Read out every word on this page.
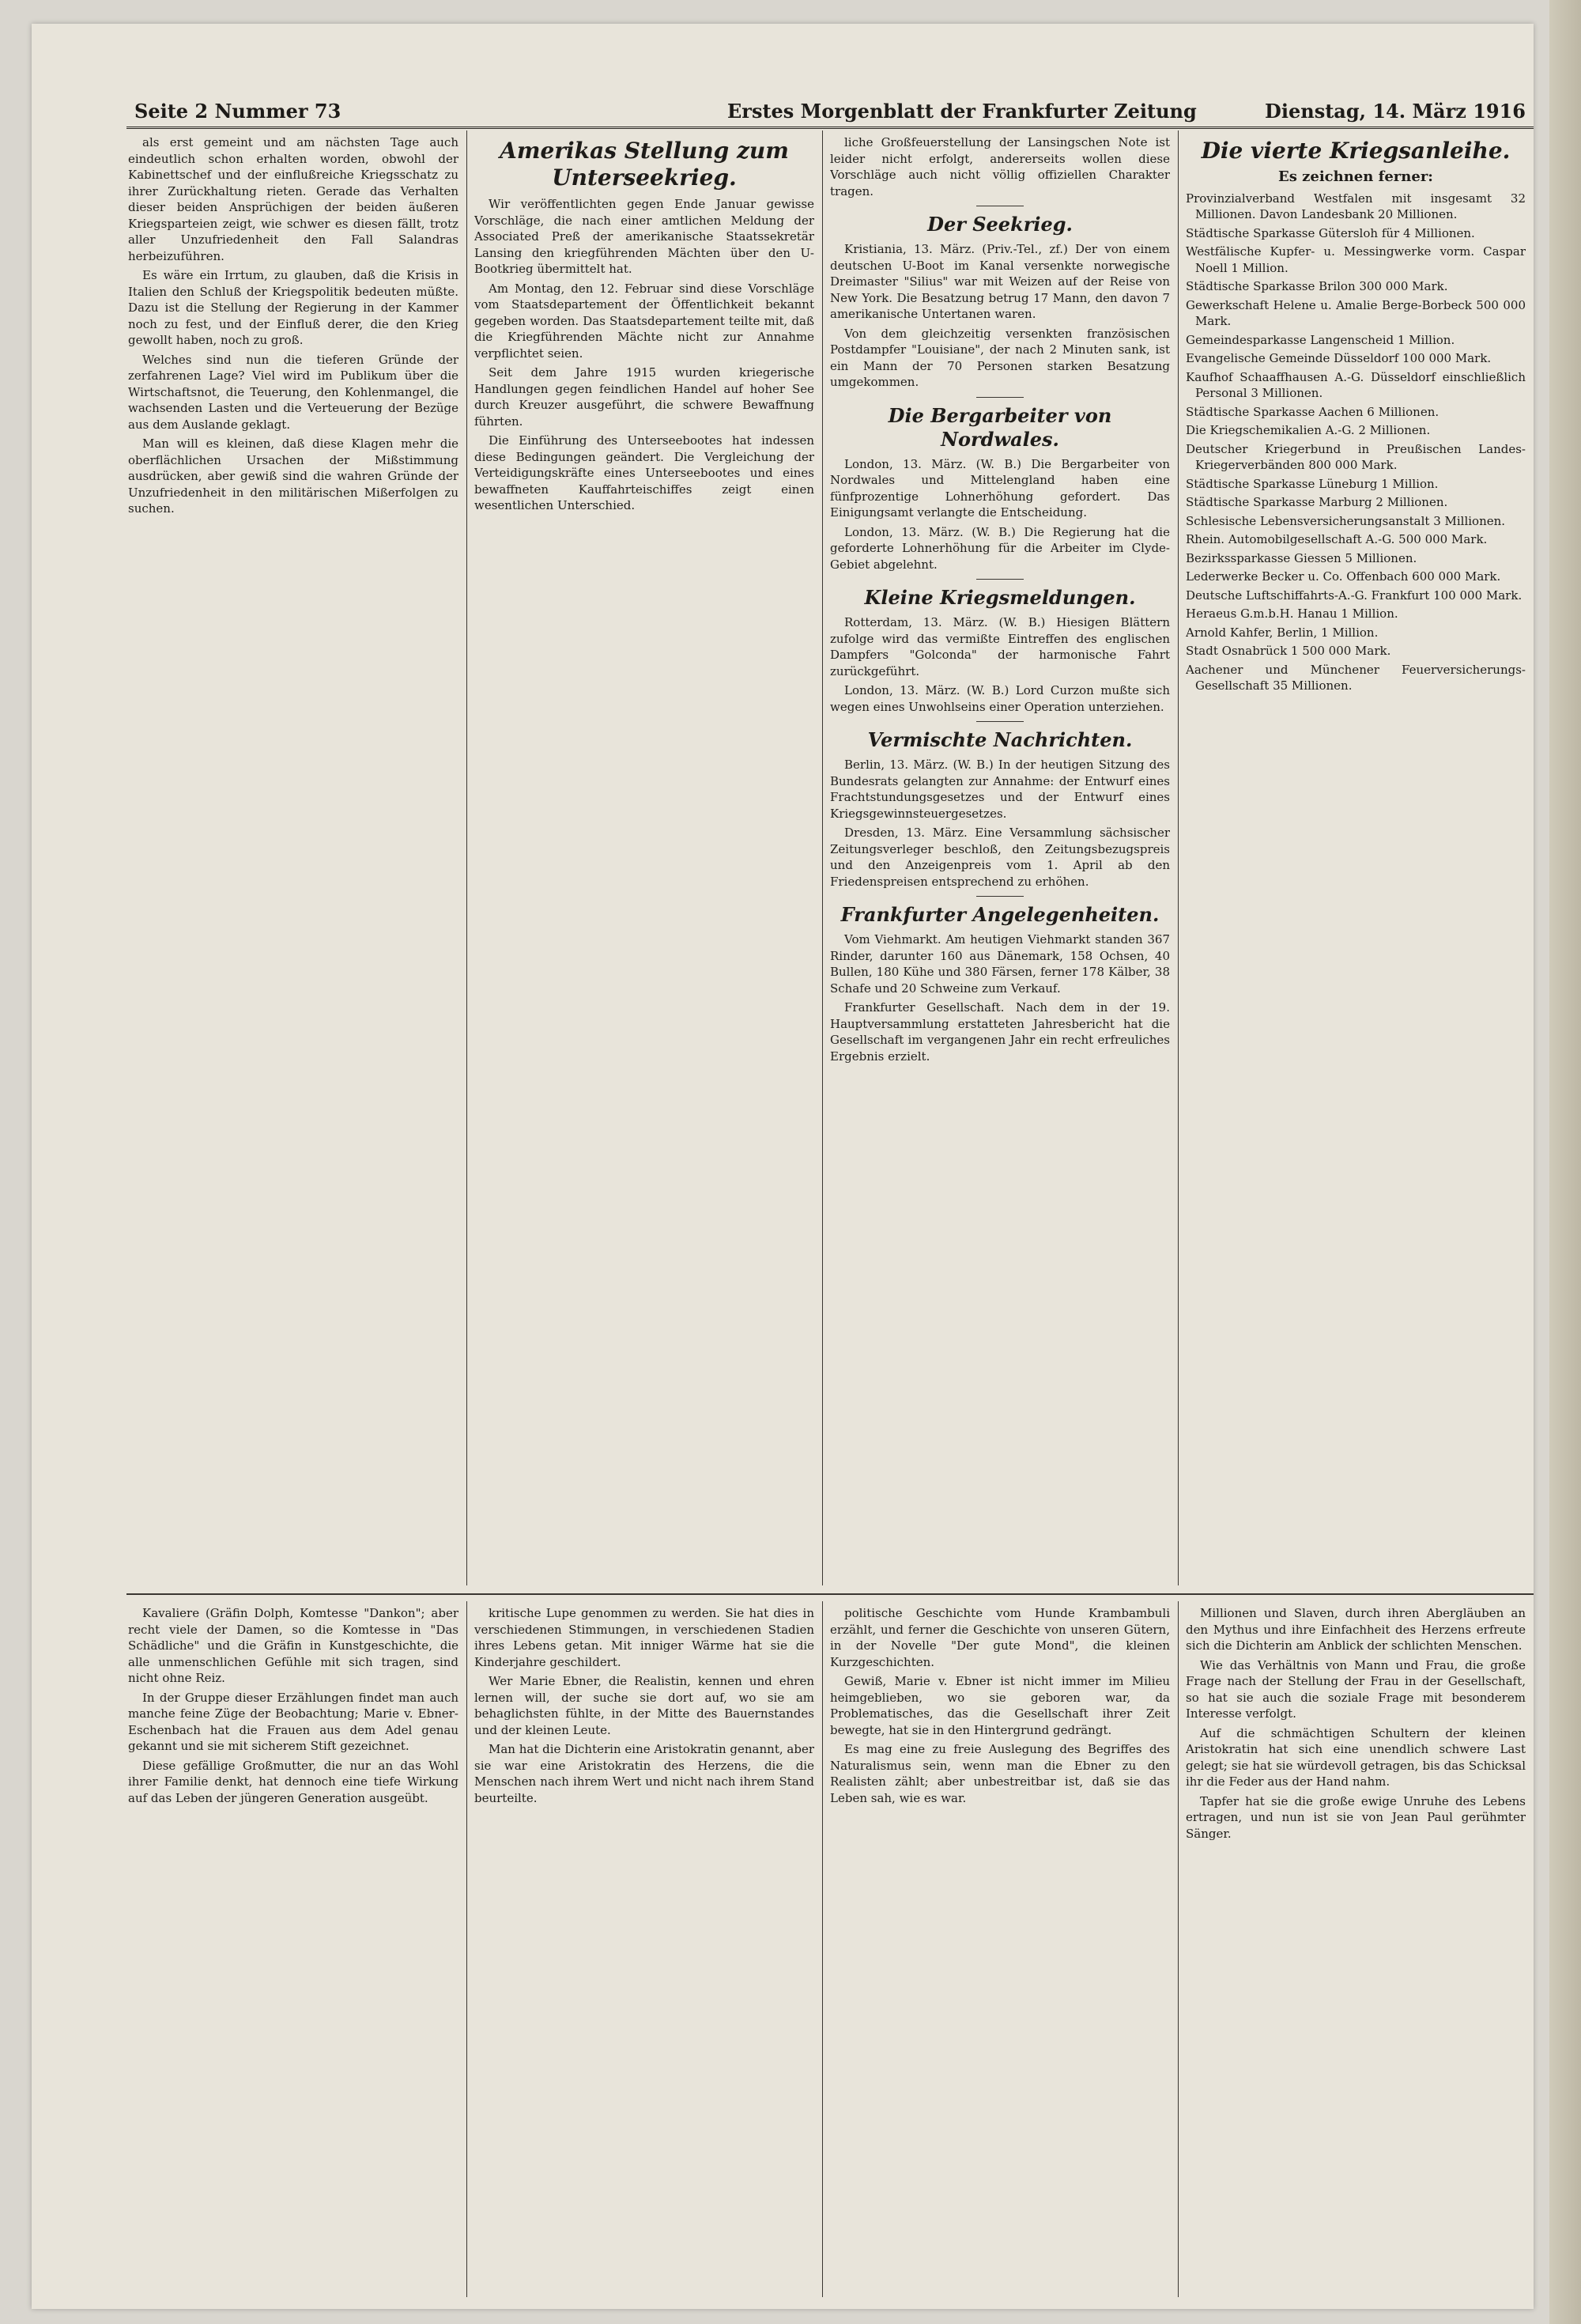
Seite 2 Nummer 73	Erstes Morgenblatt der Frankfurter Zeitung	Dienstag, 14. März 1916

als erst gemeint und am nächsten Tage auch eindeutlich schon erhalten worden, obwohl der Kabinettschef und der einflußreiche Kriegsschatz zu ihrer Zurückhaltung rieten. Gerade das Verhalten dieser beiden Ansprüchigen der beiden äußeren Kriegsparteien zeigt, wie schwer es diesen fällt, trotz aller Unzufriedenheit den Fall Salandras herbeizuführen.

Es wäre ein Irrtum, zu glauben, daß die Krisis in Italien den Schluß der Kriegspolitik bedeuten müßte. Dazu ist die Stellung der Regierung in der Kammer noch zu fest, und der Einfluß derer, die den Krieg gewollt haben, noch zu groß.

Welches sind nun die tieferen Gründe der zerfahrenen Lage? Viel wird im Publikum über die Wirtschaftsnot, die Teuerung, den Kohlenmangel, die wachsenden Lasten und die Verteuerung der Bezüge aus dem Auslande geklagt.

Man will es kleinen, daß diese Klagen mehr die oberflächlichen Ursachen der Mißstimmung ausdrücken, aber gewiß sind die wahren Gründe der Unzufriedenheit in den militärischen Mißerfolgen zu suchen.

Amerikas Stellung zum Unterseekrieg.

Wir veröffentlichten gegen Ende Januar gewisse Vorschläge, die nach einer amtlichen Meldung der Associated Preß der amerikanische Staatssekretär Lansing den kriegführenden Mächten über den U-Bootkrieg übermittelt hat.

Am Montag, den 12. Februar sind diese Vorschläge vom Staatsdepartement der Öffentlichkeit bekannt gegeben worden. Das Staatsdepartement teilte mit, daß die Kriegführenden Mächte nicht zur Annahme verpflichtet seien.

Seit dem Jahre 1915 wurden kriegerische Handlungen gegen feindlichen Handel auf hoher See durch Kreuzer ausgeführt, die schwere Bewaffnung führten.

Die Einführung des Unterseebootes hat indessen diese Bedingungen geändert. Die Vergleichung der Verteidigungskräfte eines Unterseebootes und eines bewaffneten Kauffahrteischiffes zeigt einen wesentlichen Unterschied.

liche Großfeuerstellung der Lansingschen Note ist leider nicht erfolgt, andererseits wollen diese Vorschläge auch nicht völlig offiziellen Charakter tragen.

Der Seekrieg.

Kristiania, 13. März. (Priv.-Tel., zf.) Der von einem deutschen U-Boot im Kanal versenkte norwegische Dreimaster "Silius" war mit Weizen auf der Reise von New York. Die Besatzung betrug 17 Mann, den davon 7 amerikanische Untertanen waren.

Von dem gleichzeitig versenkten französischen Postdampfer "Louisiane", der nach 2 Minuten sank, ist ein Mann der 70 Personen starken Besatzung umgekommen.

Die Bergarbeiter von Nordwales.

London, 13. März. (W. B.) Die Bergarbeiter von Nordwales und Mittelengland haben eine fünfprozentige Lohnerhöhung gefordert. Das Einigungsamt verlangte die Entscheidung.

London, 13. März. (W. B.) Die Regierung hat die geforderte Lohnerhöhung für die Arbeiter im Clyde-Gebiet abgelehnt.

Kleine Kriegsmeldungen.

Rotterdam, 13. März. (W. B.) Hiesigen Blättern zufolge wird das vermißte Eintreffen des englischen Dampfers "Golconda" der harmonische Fahrt zurückgeführt.

London, 13. März. (W. B.) Lord Curzon mußte sich wegen eines Unwohlseins einer Operation unterziehen.

Vermischte Nachrichten.

Berlin, 13. März. (W. B.) In der heutigen Sitzung des Bundesrats gelangten zur Annahme: der Entwurf eines Frachtstundungsgesetzes und der Entwurf eines Kriegsgewinnsteuergesetzes.

Dresden, 13. März. Eine Versammlung sächsischer Zeitungsverleger beschloß, den Zeitungsbezugspreis und den Anzeigenpreis vom 1. April ab den Friedenspreisen entsprechend zu erhöhen.

Frankfurter Angelegenheiten.

Vom Viehmarkt. Am heutigen Viehmarkt standen 367 Rinder, darunter 160 aus Dänemark, 158 Ochsen, 40 Bullen, 180 Kühe und 380 Färsen, ferner 178 Kälber, 38 Schafe und 20 Schweine zum Verkauf.

Frankfurter Gesellschaft. Nach dem in der 19. Hauptversammlung erstatteten Jahresbericht hat die Gesellschaft im vergangenen Jahr ein recht erfreuliches Ergebnis erzielt.

Die vierte Kriegsanleihe.
Es zeichnen ferner:
Provinzialverband Westfalen mit insgesamt 32 Millionen. Davon Landesbank 20 Millionen.
Städtische Sparkasse Gütersloh für 4 Millionen.
Westfälische Kupfer- u. Messingwerke vorm. Caspar Noell 1 Million.
Städtische Sparkasse Brilon 300 000 Mark.
Gewerkschaft Helene u. Amalie Berge-Borbeck 500 000 Mark.
Gemeindesparkasse Langenscheid 1 Million.
Evangelische Gemeinde Düsseldorf 100 000 Mark.
Kaufhof Schaaffhausen A.-G. Düsseldorf einschließlich Personal 3 Millionen.
Städtische Sparkasse Aachen 6 Millionen.
Die Kriegschemikalien A.-G. 2 Millionen.
Deutscher Kriegerbund in Preußischen Landes-Kriegerverbänden 800 000 Mark.
Städtische Sparkasse Lüneburg 1 Million.
Städtische Sparkasse Marburg 2 Millionen.
Schlesische Lebensversicherungsanstalt 3 Millionen.
Rhein. Automobilgesellschaft A.-G. 500 000 Mark.
Bezirkssparkasse Giessen 5 Millionen.
Lederwerke Becker u. Co. Offenbach 600 000 Mark.
Deutsche Luftschiffahrts-A.-G. Frankfurt 100 000 Mark.
Heraeus G.m.b.H. Hanau 1 Million.
Arnold Kahfer, Berlin, 1 Million.
Stadt Osnabrück 1 500 000 Mark.
Aachener und Münchener Feuerversicherungs-Gesellschaft 35 Millionen.

Kavaliere (Gräfin Dolph, Komtesse "Dankon"; aber recht viele der Damen, so die Komtesse in "Das Schädliche" und die Gräfin in Kunstgeschichte, die alle unmenschlichen Gefühle mit sich tragen, sind nicht ohne Reiz.

In der Gruppe dieser Erzählungen findet man auch manche feine Züge der Beobachtung; Marie v. Ebner-Eschenbach hat die Frauen aus dem Adel genau gekannt und sie mit sicherem Stift gezeichnet.

Diese gefällige Großmutter, die nur an das Wohl ihrer Familie denkt, hat dennoch eine tiefe Wirkung auf das Leben der jüngeren Generation ausgeübt.

kritische Lupe genommen zu werden. Sie hat dies in verschiedenen Stimmungen, in verschiedenen Stadien ihres Lebens getan. Mit inniger Wärme hat sie die Kinderjahre geschildert.

Wer Marie Ebner, die Realistin, kennen und ehren lernen will, der suche sie dort auf, wo sie am behaglichsten fühlte, in der Mitte des Bauernstandes und der kleinen Leute.

Man hat die Dichterin eine Aristokratin genannt, aber sie war eine Aristokratin des Herzens, die die Menschen nach ihrem Wert und nicht nach ihrem Stand beurteilte.

politische Geschichte vom Hunde Krambambuli erzählt, und ferner die Geschichte von unseren Gütern, in der Novelle "Der gute Mond", die kleinen Kurzgeschichten.

Gewiß, Marie v. Ebner ist nicht immer im Milieu heimgeblieben, wo sie geboren war, da Problematisches, das die Gesellschaft ihrer Zeit bewegte, hat sie in den Hintergrund gedrängt.

Es mag eine zu freie Auslegung des Begriffes des Naturalismus sein, wenn man die Ebner zu den Realisten zählt; aber unbestreitbar ist, daß sie das Leben sah, wie es war.

Millionen und Slaven, durch ihren Abergläuben an den Mythus und ihre Einfachheit des Herzens erfreute sich die Dichterin am Anblick der schlichten Menschen.

Wie das Verhältnis von Mann und Frau, die große Frage nach der Stellung der Frau in der Gesellschaft, so hat sie auch die soziale Frage mit besonderem Interesse verfolgt.

Auf die schmächtigen Schultern der kleinen Aristokratin hat sich eine unendlich schwere Last gelegt; sie hat sie würdevoll getragen, bis das Schicksal ihr die Feder aus der Hand nahm.

Tapfer hat sie die große ewige Unruhe des Lebens ertragen, und nun ist sie von Jean Paul gerühmter Sänger.
